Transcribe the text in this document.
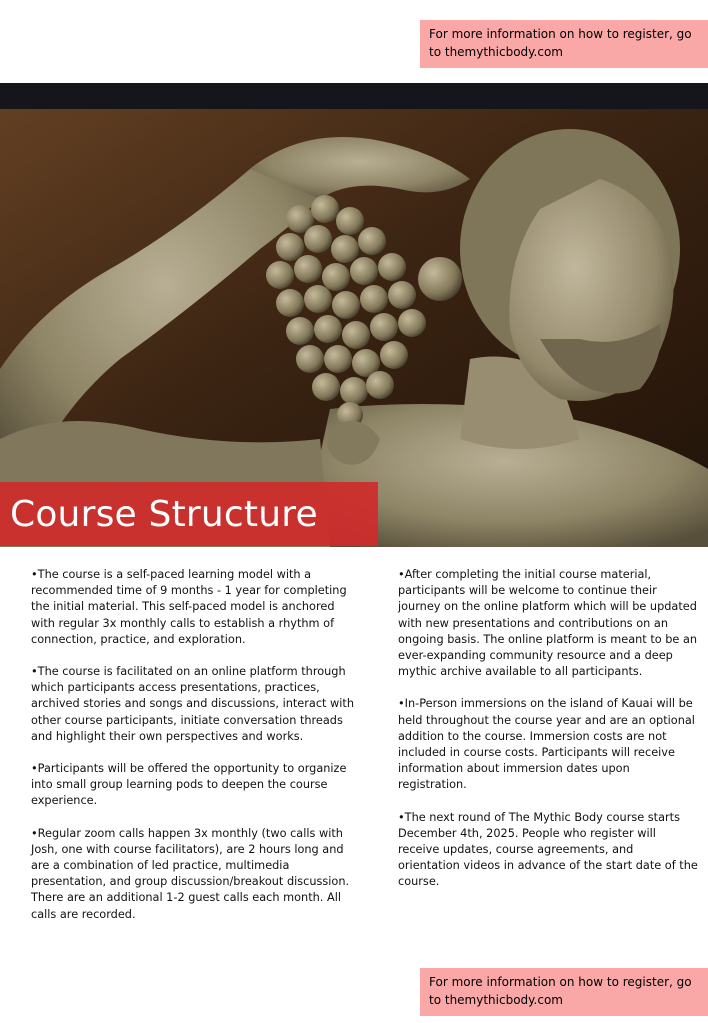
For more information on how to register, go to themythicbody.com
Course Structure

•The course is a self-paced learning model with a recommended time of 9 months - 1 year for completing the initial material. This self-paced model is anchored with regular 3x monthly calls to establish a rhythm of connection, practice, and exploration.

•The course is facilitated on an online platform through which participants access presentations, practices, archived stories and songs and discussions, interact with other course participants, initiate conversation threads and highlight their own perspectives and works.

•Participants will be offered the opportunity to organize into small group learning pods to deepen the course experience.

•Regular zoom calls happen 3x monthly (two calls with Josh, one with course facilitators), are 2 hours long and are a combination of led practice, multimedia presentation, and group discussion/breakout discussion. There are an additional 1-2 guest calls each month. All calls are recorded.

•After completing the initial course material, participants will be welcome to continue their journey on the online platform which will be updated with new presentations and contributions on an ongoing basis. The online platform is meant to be an ever-expanding community resource and a deep mythic archive available to all participants.

•In-Person immersions on the island of Kauai will be held throughout the course year and are an optional addition to the course. Immersion costs are not included in course costs. Participants will receive information about immersion dates upon registration.

•The next round of The Mythic Body course starts December 4th, 2025. People who register will receive updates, course agreements, and orientation videos in advance of the start date of the course.

For more information on how to register, go to themythicbody.com
